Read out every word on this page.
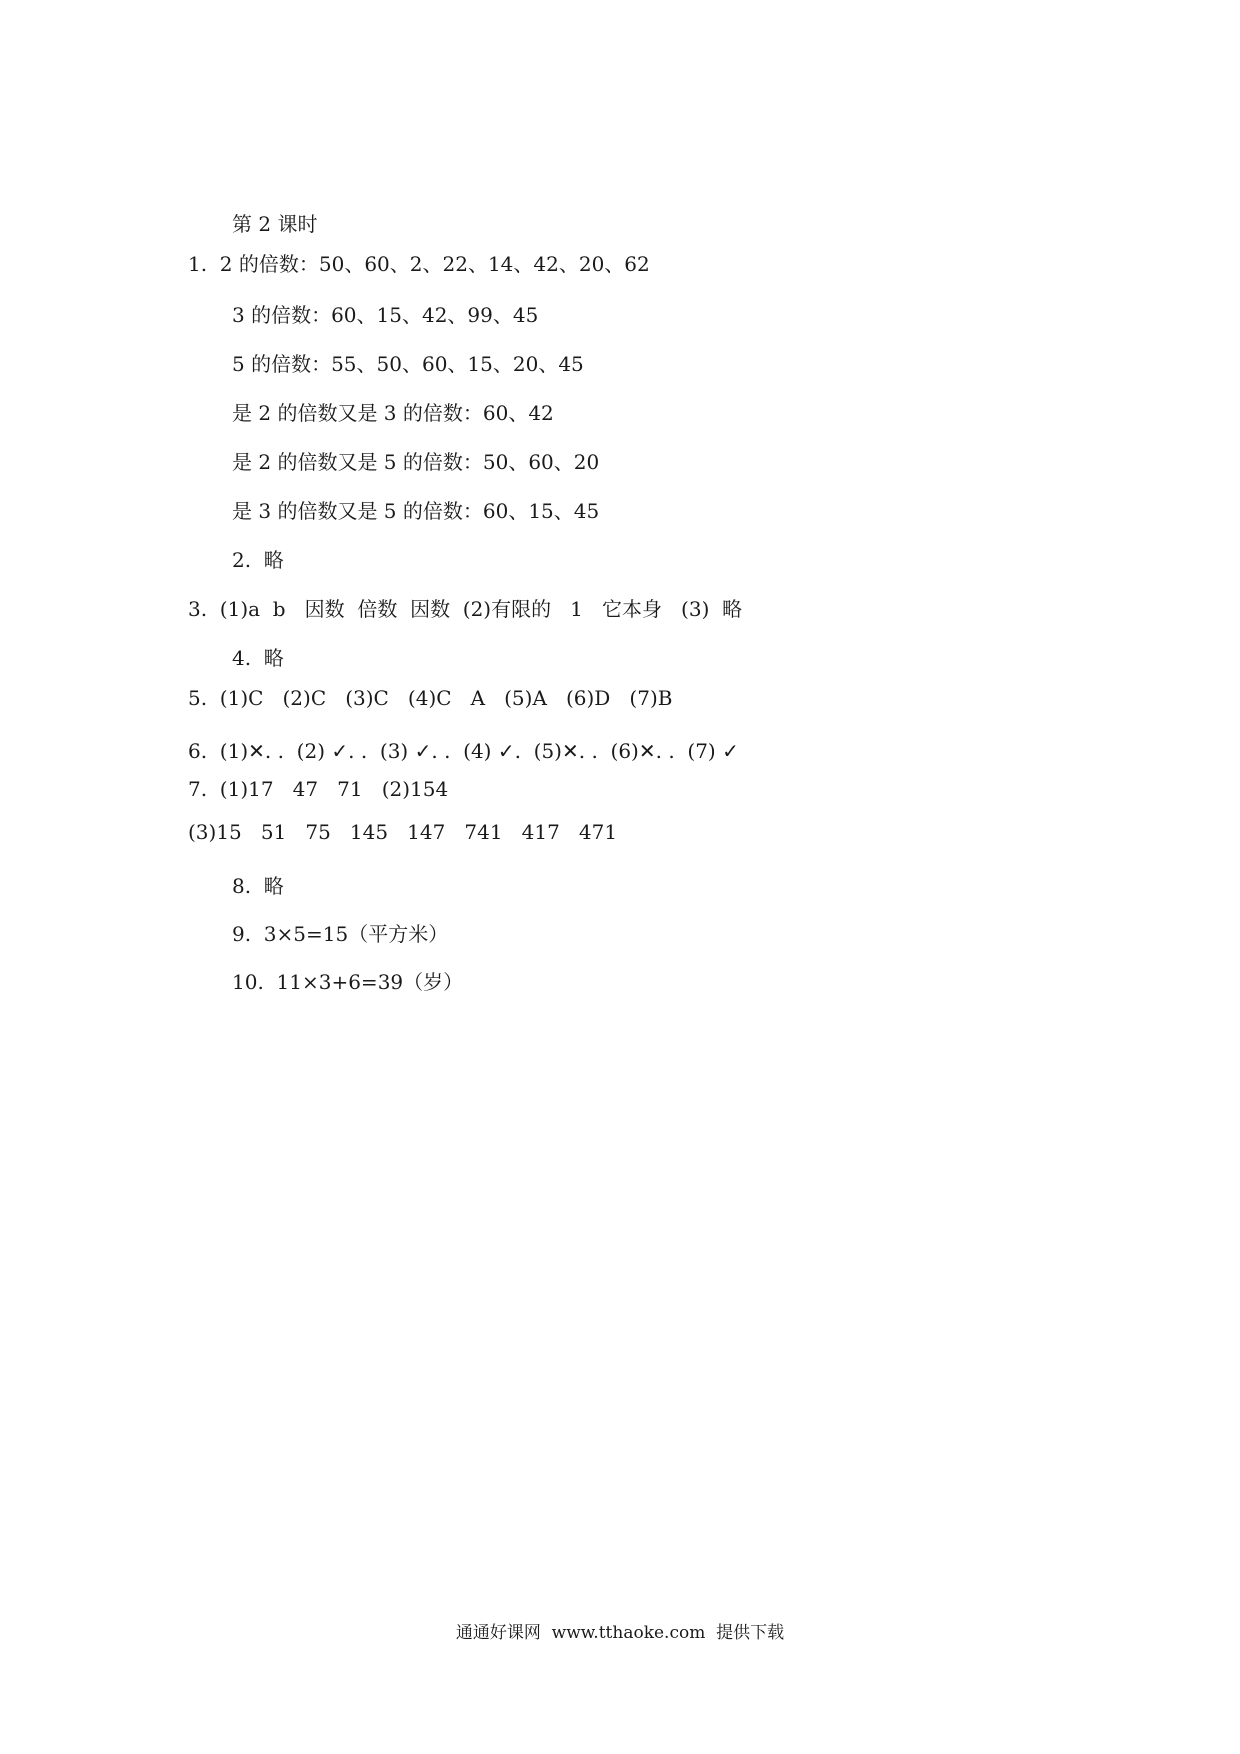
第 2 课时
1.  2 的倍数：50、60、2、22、14、42、20、62
3 的倍数：60、15、42、99、45
5 的倍数：55、50、60、15、20、45
是 2 的倍数又是 3 的倍数：60、42
是 2 的倍数又是 5 的倍数：50、60、20
是 3 的倍数又是 5 的倍数：60、15、45
2.  略
3.  (1)a  b   因数  倍数  因数  (2)有限的   1   它本身   (3)  略
4.  略
5.  (1)C   (2)C   (3)C   (4)C   A   (5)A   (6)D   (7)B
6.  (1)✕. .  (2) ✓. .  (3) ✓. .  (4) ✓.  (5)✕. .  (6)✕. .  (7) ✓
7.  (1)17   47   71   (2)154
(3)15   51   75   145   147   741   417   471
8.  略
9.  3×5=15（平方米）
10.  11×3+6=39（岁）
通通好课网  www.tthaoke.com  提供下载
